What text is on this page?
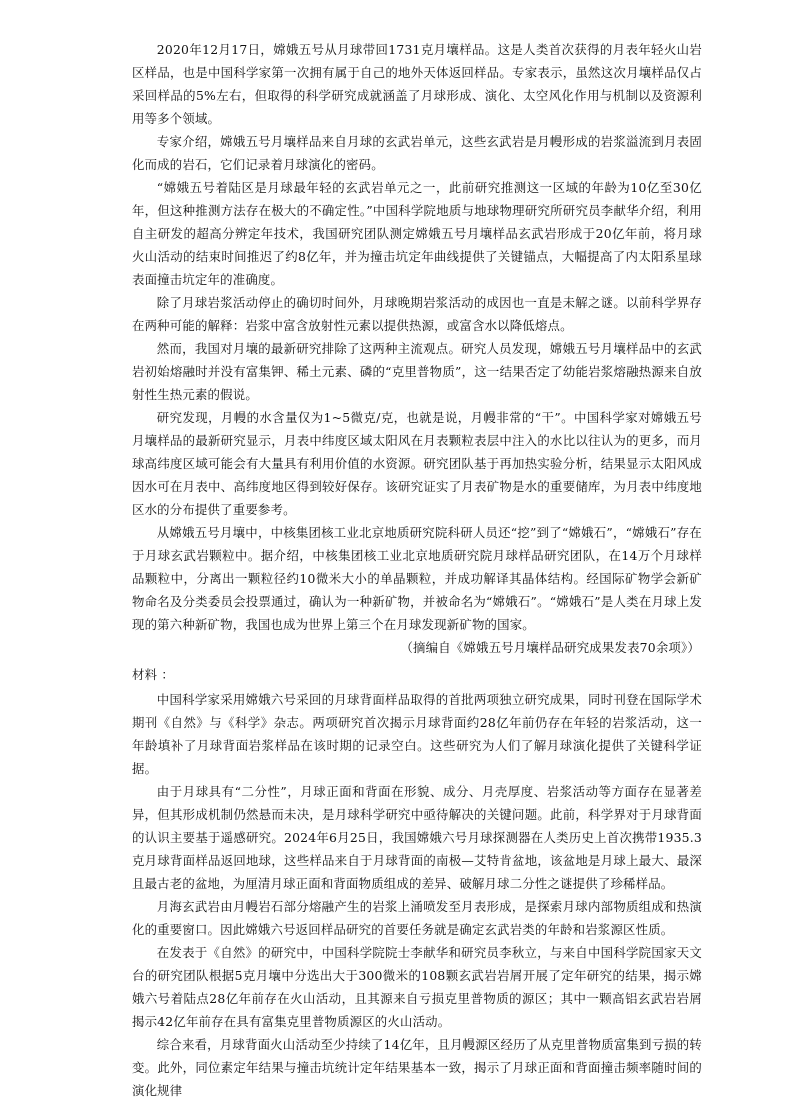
2020年12月17日，嫦娥五号从月球带回1731克月壤样品。这是人类首次获得的月表年轻火山岩区样品，也是中国科学家第一次拥有属于自己的地外天体返回样品。专家表示，虽然这次月壤样品仅占采回样品的5%左右，但取得的科学研究成就涵盖了月球形成、演化、太空风化作用与机制以及资源利用等多个领域。

专家介绍，嫦娥五号月壤样品来自月球的玄武岩单元，这些玄武岩是月幔形成的岩浆溢流到月表固化而成的岩石，它们记录着月球演化的密码。

“嫦娥五号着陆区是月球最年轻的玄武岩单元之一，此前研究推测这一区域的年龄为10亿至30亿年，但这种推测方法存在极大的不确定性。”中国科学院地质与地球物理研究所研究员李献华介绍，利用自主研发的超高分辨定年技术，我国研究团队测定嫦娥五号月壤样品玄武岩形成于20亿年前，将月球火山活动的结束时间推迟了约8亿年，并为撞击坑定年曲线提供了关键锚点，大幅提高了内太阳系星球表面撞击坑定年的准确度。

除了月球岩浆活动停止的确切时间外，月球晚期岩浆活动的成因也一直是未解之谜。以前科学界存在两种可能的解释：岩浆中富含放射性元素以提供热源，或富含水以降低熔点。

然而，我国对月壤的最新研究排除了这两种主流观点。研究人员发现，嫦娥五号月壤样品中的玄武岩初始熔融时并没有富集钾、稀土元素、磷的“克里普物质”，这一结果否定了幼能岩浆熔融热源来自放射性生热元素的假说。

研究发现，月幔的水含量仅为1~5微克/克，也就是说，月幔非常的“干”。中国科学家对嫦娥五号月壤样品的最新研究显示，月表中纬度区域太阳风在月表颗粒表层中注入的水比以往认为的更多，而月球高纬度区域可能会有大量具有利用价值的水资源。研究团队基于再加热实验分析，结果显示太阳风成因水可在月表中、高纬度地区得到较好保存。该研究证实了月表矿物是水的重要储库，为月表中纬度地区水的分布提供了重要参考。

从嫦娥五号月壤中，中核集团核工业北京地质研究院科研人员还“挖”到了“嫦娥石”，“嫦娥石”存在于月球玄武岩颗粒中。据介绍，中核集团核工业北京地质研究院月球样品研究团队，在14万个月球样品颗粒中，分离出一颗粒径约10微米大小的单晶颗粒，并成功解译其晶体结构。经国际矿物学会新矿物命名及分类委员会投票通过，确认为一种新矿物，并被命名为“嫦娥石”。“嫦娥石”是人类在月球上发现的第六种新矿物，我国也成为世界上第三个在月球发现新矿物的国家。

（摘编自《嫦娥五号月壤样品研究成果发表70余项》）

材料 ：

中国科学家采用嫦娥六号采回的月球背面样品取得的首批两项独立研究成果，同时刊登在国际学术期刊《自然》与《科学》杂志。两项研究首次揭示月球背面约28亿年前仍存在年轻的岩浆活动，这一年龄填补了月球背面岩浆样品在该时期的记录空白。这些研究为人们了解月球演化提供了关键科学证据。

由于月球具有“二分性”，月球正面和背面在形貌、成分、月壳厚度、岩浆活动等方面存在显著差异，但其形成机制仍然悬而未决，是月球科学研究中亟待解决的关键问题。此前，科学界对于月球背面的认识主要基于遥感研究。2024年6月25日，我国嫦娥六号月球探测器在人类历史上首次携带1935.3克月球背面样品返回地球，这些样品来自于月球背面的南极—艾特肯盆地，该盆地是月球上最大、最深且最古老的盆地，为厘清月球正面和背面物质组成的差异、破解月球二分性之谜提供了珍稀样品。

月海玄武岩由月幔岩石部分熔融产生的岩浆上涌喷发至月表形成，是探索月球内部物质组成和热演化的重要窗口。因此嫦娥六号返回样品研究的首要任务就是确定玄武岩类的年龄和岩浆源区性质。

在发表于《自然》的研究中，中国科学院院士李献华和研究员李秋立，与来自中国科学院国家天文台的研究团队根据5克月壤中分选出大于300微米的108颗玄武岩岩屑开展了定年研究的结果，揭示嫦娥六号着陆点28亿年前存在火山活动，且其源来自亏损克里普物质的源区；其中一颗高铝玄武岩岩屑揭示42亿年前存在具有富集克里普物质源区的火山活动。

综合来看，月球背面火山活动至少持续了14亿年，且月幔源区经历了从克里普物质富集到亏损的转变。此外，同位素定年结果与撞击坑统计定年结果基本一致，揭示了月球正面和背面撞击频率随时间的演化规律
